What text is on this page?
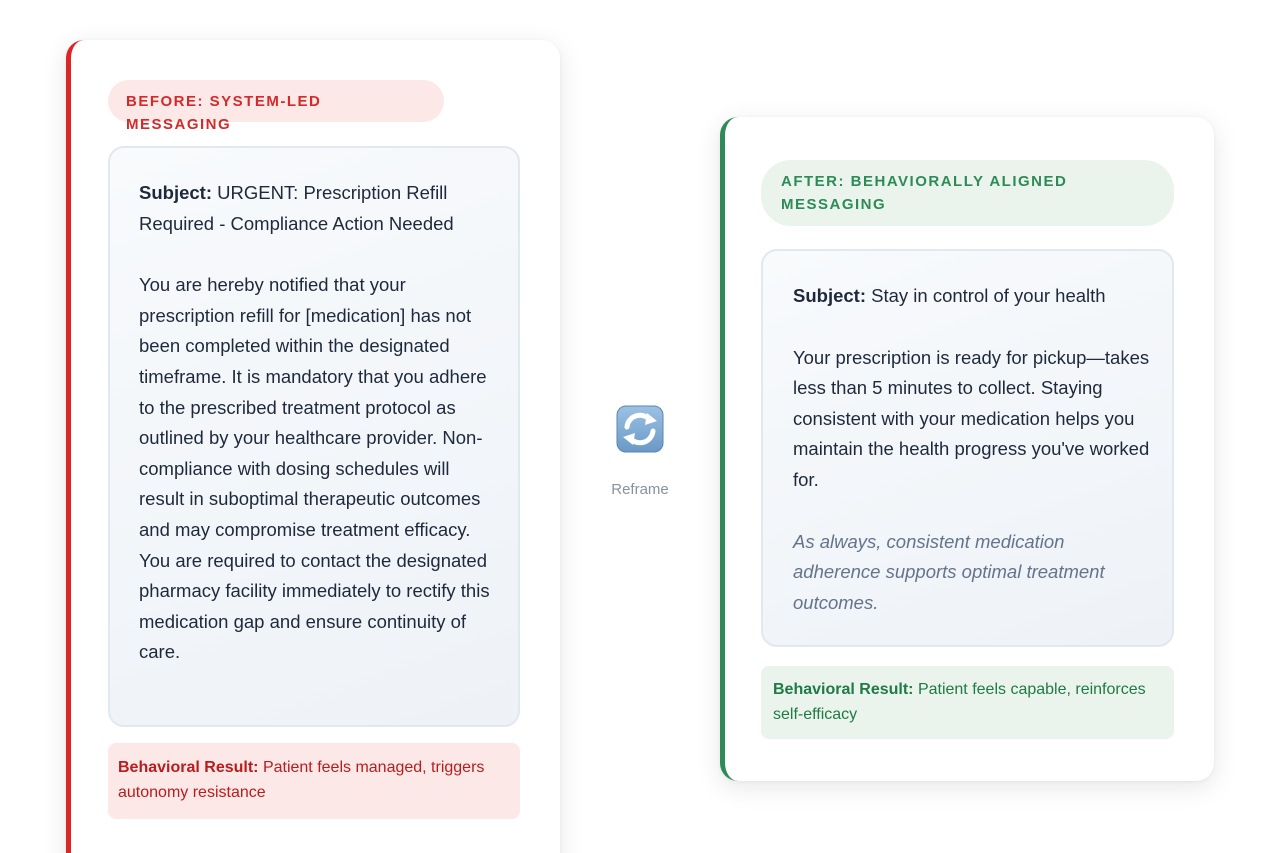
BEFORE: SYSTEM-LED MESSAGING
Subject: URGENT: Prescription Refill Required - Compliance Action Needed

You are hereby notified that your prescription refill for [medication] has not been completed within the designated timeframe. It is mandatory that you adhere to the prescribed treatment protocol as outlined by your healthcare provider. Non-compliance with dosing schedules will result in suboptimal therapeutic outcomes and may compromise treatment efficacy. You are required to contact the designated pharmacy facility immediately to rectify this medication gap and ensure continuity of care.

Behavioral Result: Patient feels managed, triggers autonomy resistance
Reframe
AFTER: BEHAVIORALLY ALIGNED MESSAGING
Subject: Stay in control of your health

Your prescription is ready for pickup—takes less than 5 minutes to collect. Staying consistent with your medication helps you maintain the health progress you've worked for.

As always, consistent medication adherence supports optimal treatment outcomes.

Behavioral Result: Patient feels capable, reinforces self-efficacy
